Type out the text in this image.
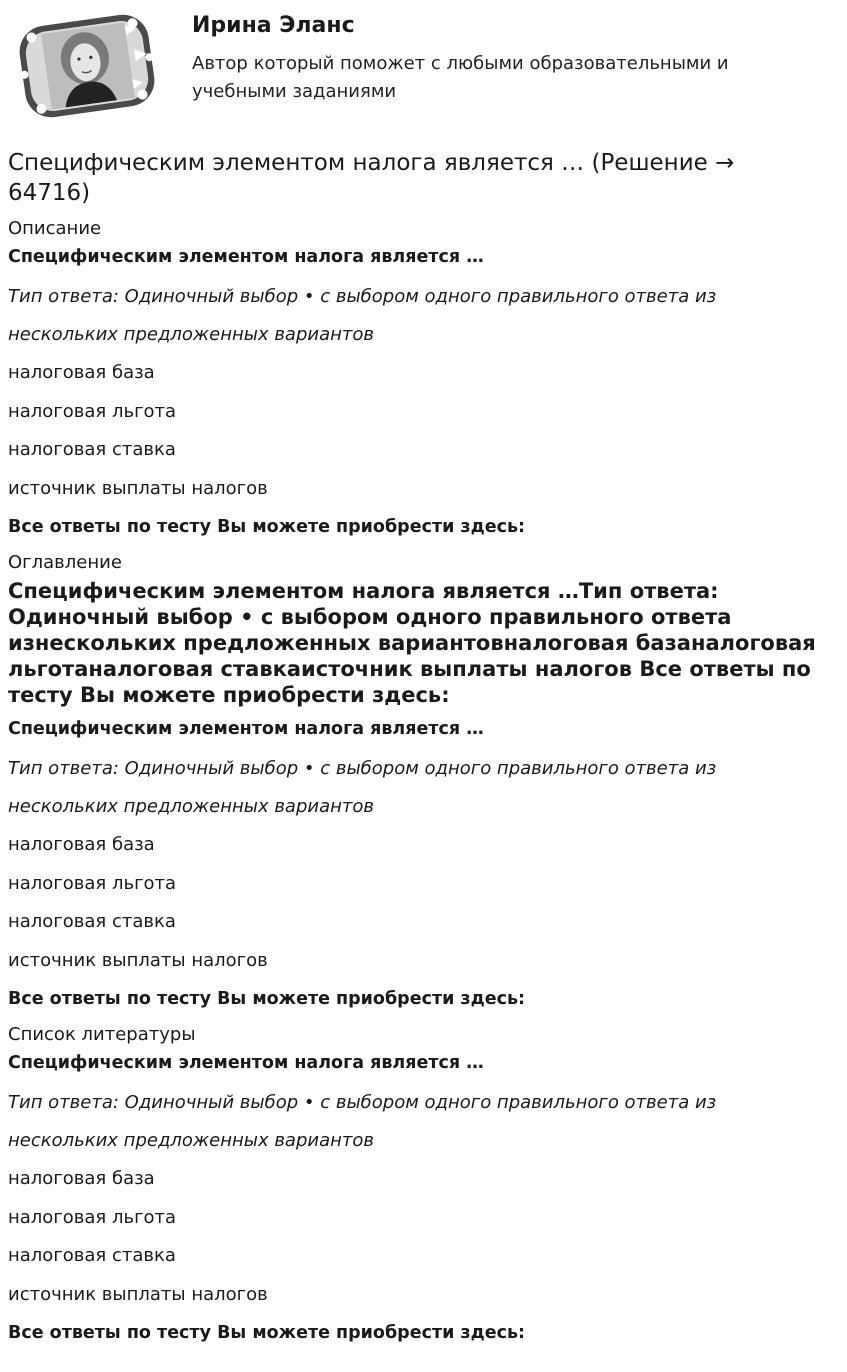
Ирина Эланс
Автор который поможет с любыми образовательными и учебными заданиями
Специфическим элементом налога является … (Решение → 64716)
Описание
Специфическим элементом налога является …
Тип ответа: Одиночный выбор • с выбором одного правильного ответа из
нескольких предложенных вариантов
налоговая база
налоговая льгота
налоговая ставка
источник выплаты налогов
Все ответы по тесту Вы можете приобрести здесь:
Оглавление
Специфическим элементом налога является …Тип ответа: Одиночный выбор • с выбором одного правильного ответа изнескольких предложенных вариантовналоговая базаналоговая льготаналоговая ставкаисточник выплаты налогов Все ответы по тесту Вы можете приобрести здесь:
Специфическим элементом налога является …
Тип ответа: Одиночный выбор • с выбором одного правильного ответа из
нескольких предложенных вариантов
налоговая база
налоговая льгота
налоговая ставка
источник выплаты налогов
Все ответы по тесту Вы можете приобрести здесь:
Список литературы
Специфическим элементом налога является …
Тип ответа: Одиночный выбор • с выбором одного правильного ответа из
нескольких предложенных вариантов
налоговая база
налоговая льгота
налоговая ставка
источник выплаты налогов
Все ответы по тесту Вы можете приобрести здесь:
